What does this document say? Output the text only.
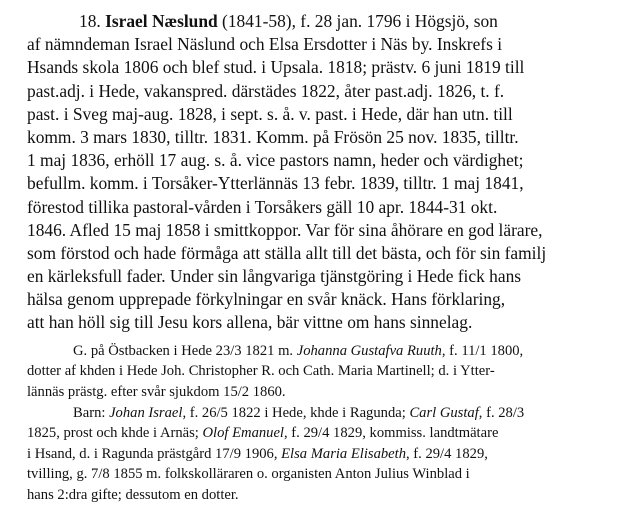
18. Israel Næslund (1841-58), f. 28 jan. 1796 i Högsjö, son
af nämndeman Israel Näslund och Elsa Ersdotter i Näs by. Inskrefs i
Hsands skola 1806 och blef stud. i Upsala. 1818; prästv. 6 juni 1819 till
past.adj. i Hede, vakanspred. därstädes 1822, åter past.adj. 1826, t. f.
past. i Sveg maj-aug. 1828, i sept. s. å. v. past. i Hede, där han utn. till
komm. 3 mars 1830, tilltr. 1831. Komm. på Frösön 25 nov. 1835, tilltr.
1 maj 1836, erhöll 17 aug. s. å. vice pastors namn, heder och värdighet;
befullm. komm. i Torsåker-Ytterlännäs 13 febr. 1839, tilltr. 1 maj 1841,
förestod tillika pastoral-vården i Torsåkers gäll 10 apr. 1844-31 okt.
1846. Afled 15 maj 1858 i smittkoppor. Var för sina åhörare en god lärare,
som förstod och hade förmåga att ställa allt till det bästa, och för sin familj
en kärleksfull fader. Under sin långvariga tjänstgöring i Hede fick hans
hälsa genom upprepade förkylningar en svår knäck. Hans förklaring,
att han höll sig till Jesu kors allena, bär vittne om hans sinnelag.
G. på Östbacken i Hede 23/3 1821 m. Johanna Gustafva Ruuth, f. 11/1 1800,
dotter af khden i Hede Joh. Christopher R. och Cath. Maria Martinell; d. i Ytter-
lännäs prästg. efter svår sjukdom 15/2 1860.
Barn: Johan Israel, f. 26/5 1822 i Hede, khde i Ragunda; Carl Gustaf, f. 28/3
1825, prost och khde i Arnäs; Olof Emanuel, f. 29/4 1829, kommiss. landtmätare
i Hsand, d. i Ragunda prästgård 17/9 1906, Elsa Maria Elisabeth, f. 29/4 1829,
tvilling, g. 7/8 1855 m. folkskolläraren o. organisten Anton Julius Winblad i
hans 2:dra gifte; dessutom en dotter.
